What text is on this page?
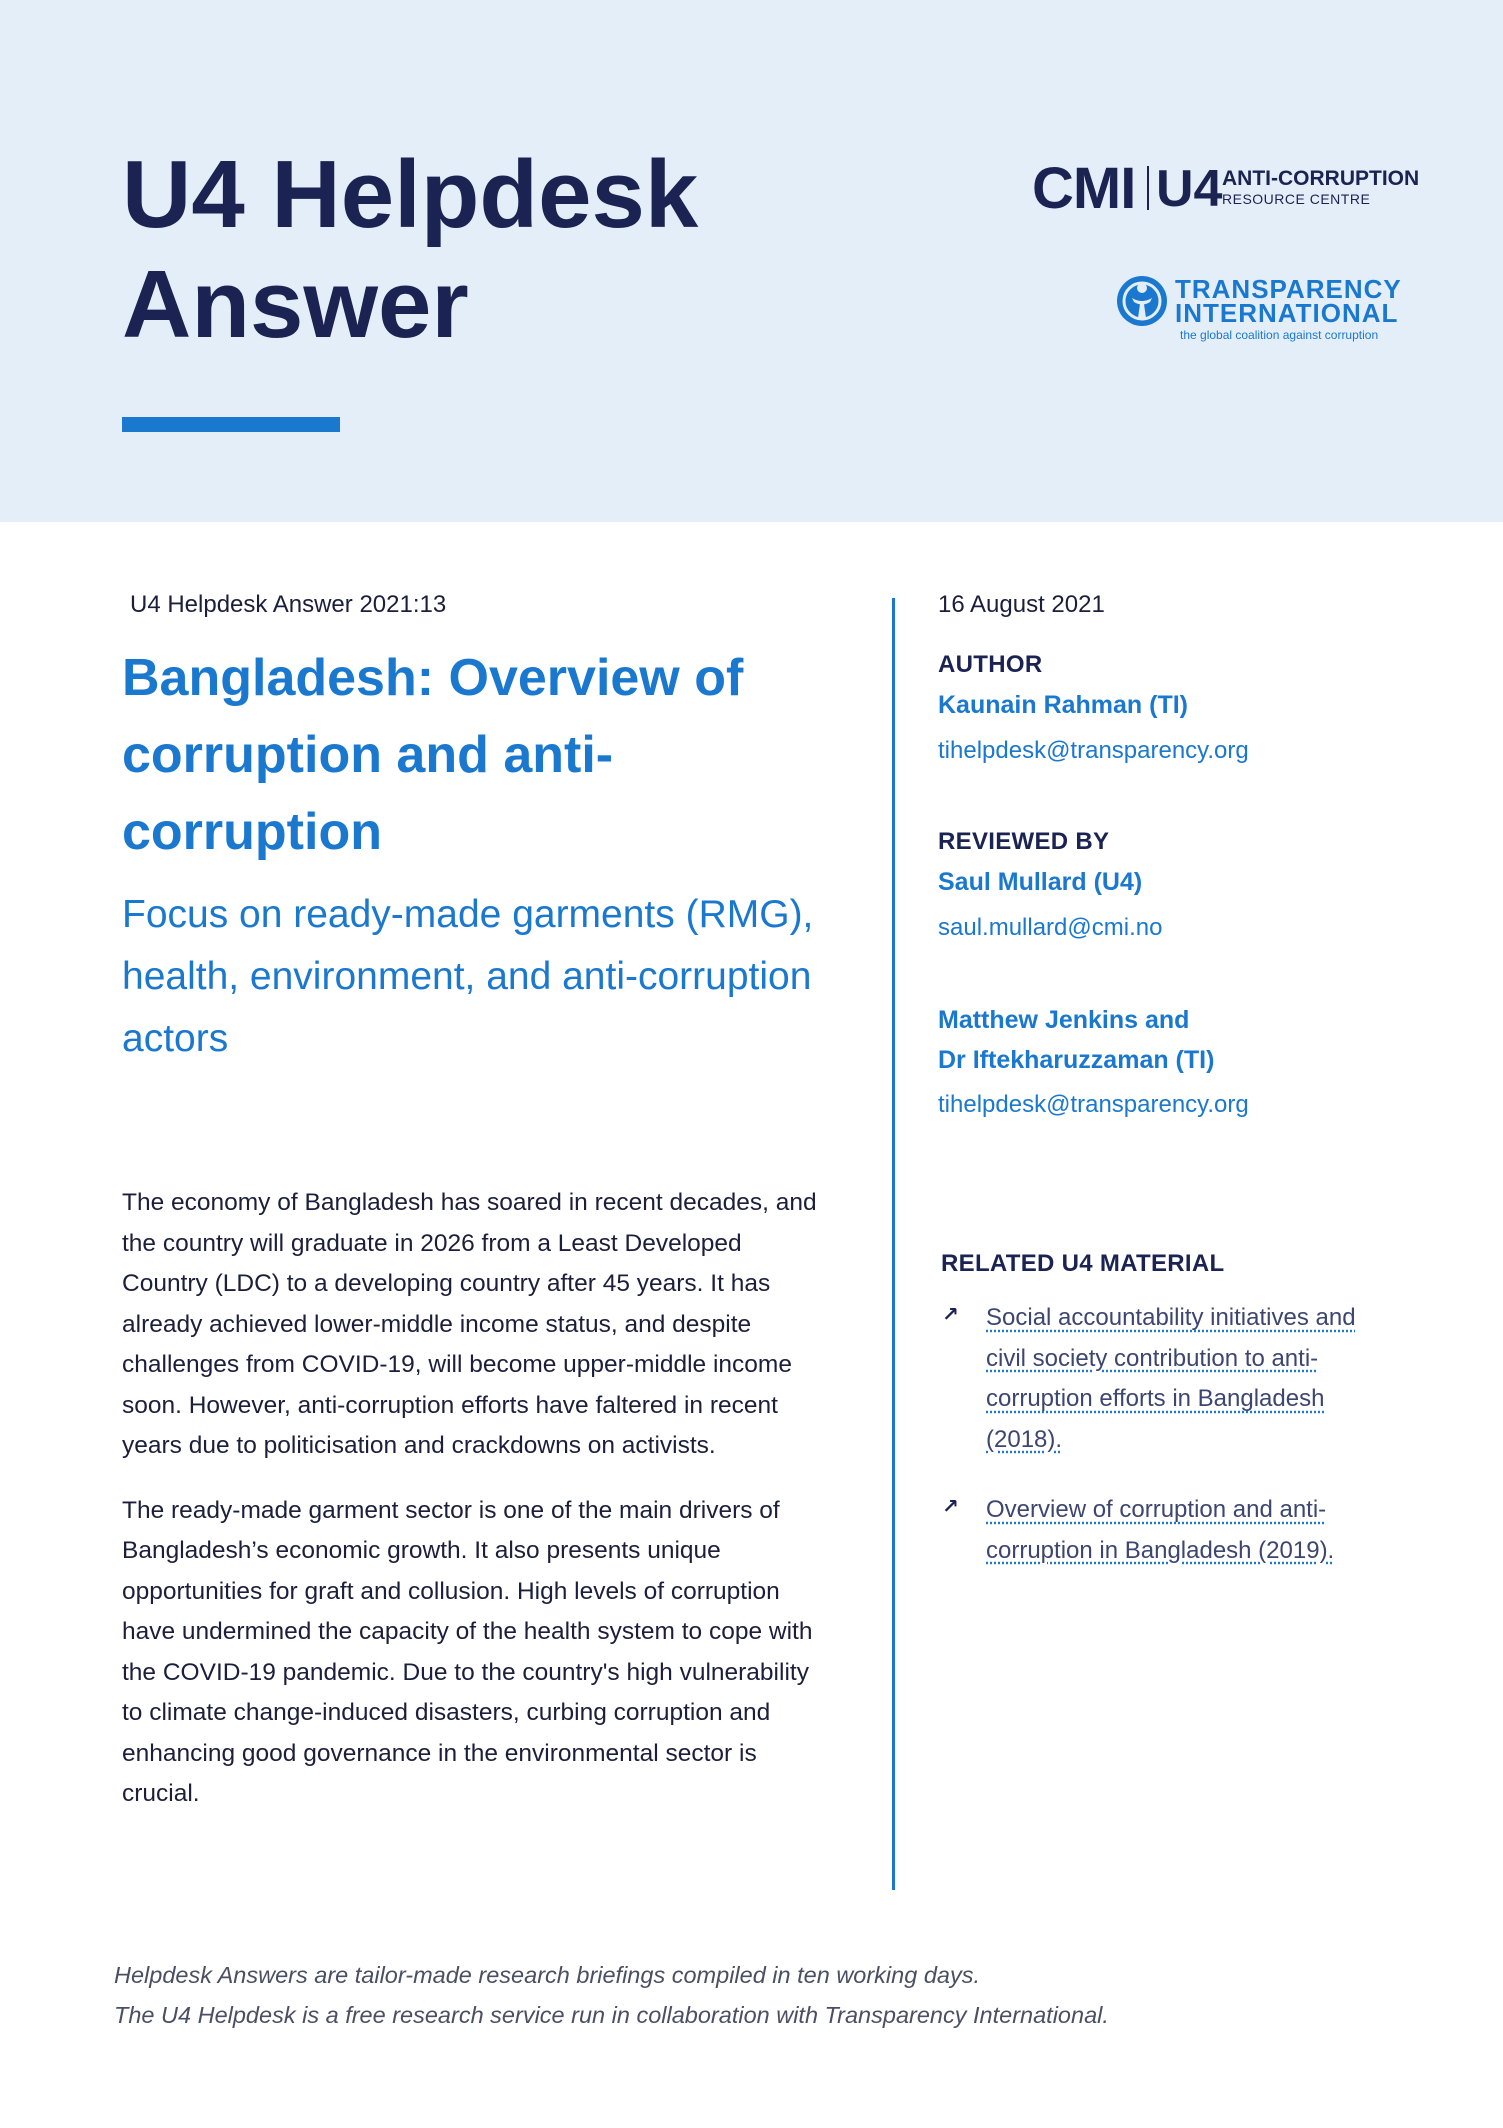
U4 Helpdesk
Answer
CMI U4 ANTI-CORRUPTION
RESOURCE CENTRE
TRANSPARENCY
INTERNATIONAL
the global coalition against corruption
U4 Helpdesk Answer 2021:13
Bangladesh: Overview of corruption and anti-corruption
Focus on ready-made garments (RMG), health, environment, and anti-corruption actors

The economy of Bangladesh has soared in recent decades, and the country will graduate in 2026 from a Least Developed Country (LDC) to a developing country after 45 years. It has already achieved lower-middle income status, and despite challenges from COVID-19, will become upper-middle income soon. However, anti-corruption efforts have faltered in recent years due to politicisation and crackdowns on activists.

The ready-made garment sector is one of the main drivers of Bangladesh’s economic growth. It also presents unique opportunities for graft and collusion. High levels of corruption have undermined the capacity of the health system to cope with the COVID-19 pandemic. Due to the country's high vulnerability to climate change-induced disasters, curbing corruption and enhancing good governance in the environmental sector is crucial.

16 August 2021
AUTHOR
Kaunain Rahman (TI)
tihelpdesk@transparency.org
REVIEWED BY
Saul Mullard (U4)
saul.mullard@cmi.no
Matthew Jenkins and
Dr Iftekharuzzaman (TI)
tihelpdesk@transparency.org
RELATED U4 MATERIAL
↗ Social accountability initiatives and civil society contribution to anti-corruption efforts in Bangladesh (2018).
↗ Overview of corruption and anti-corruption in Bangladesh (2019).
Helpdesk Answers are tailor-made research briefings compiled in ten working days.
The U4 Helpdesk is a free research service run in collaboration with Transparency International.
